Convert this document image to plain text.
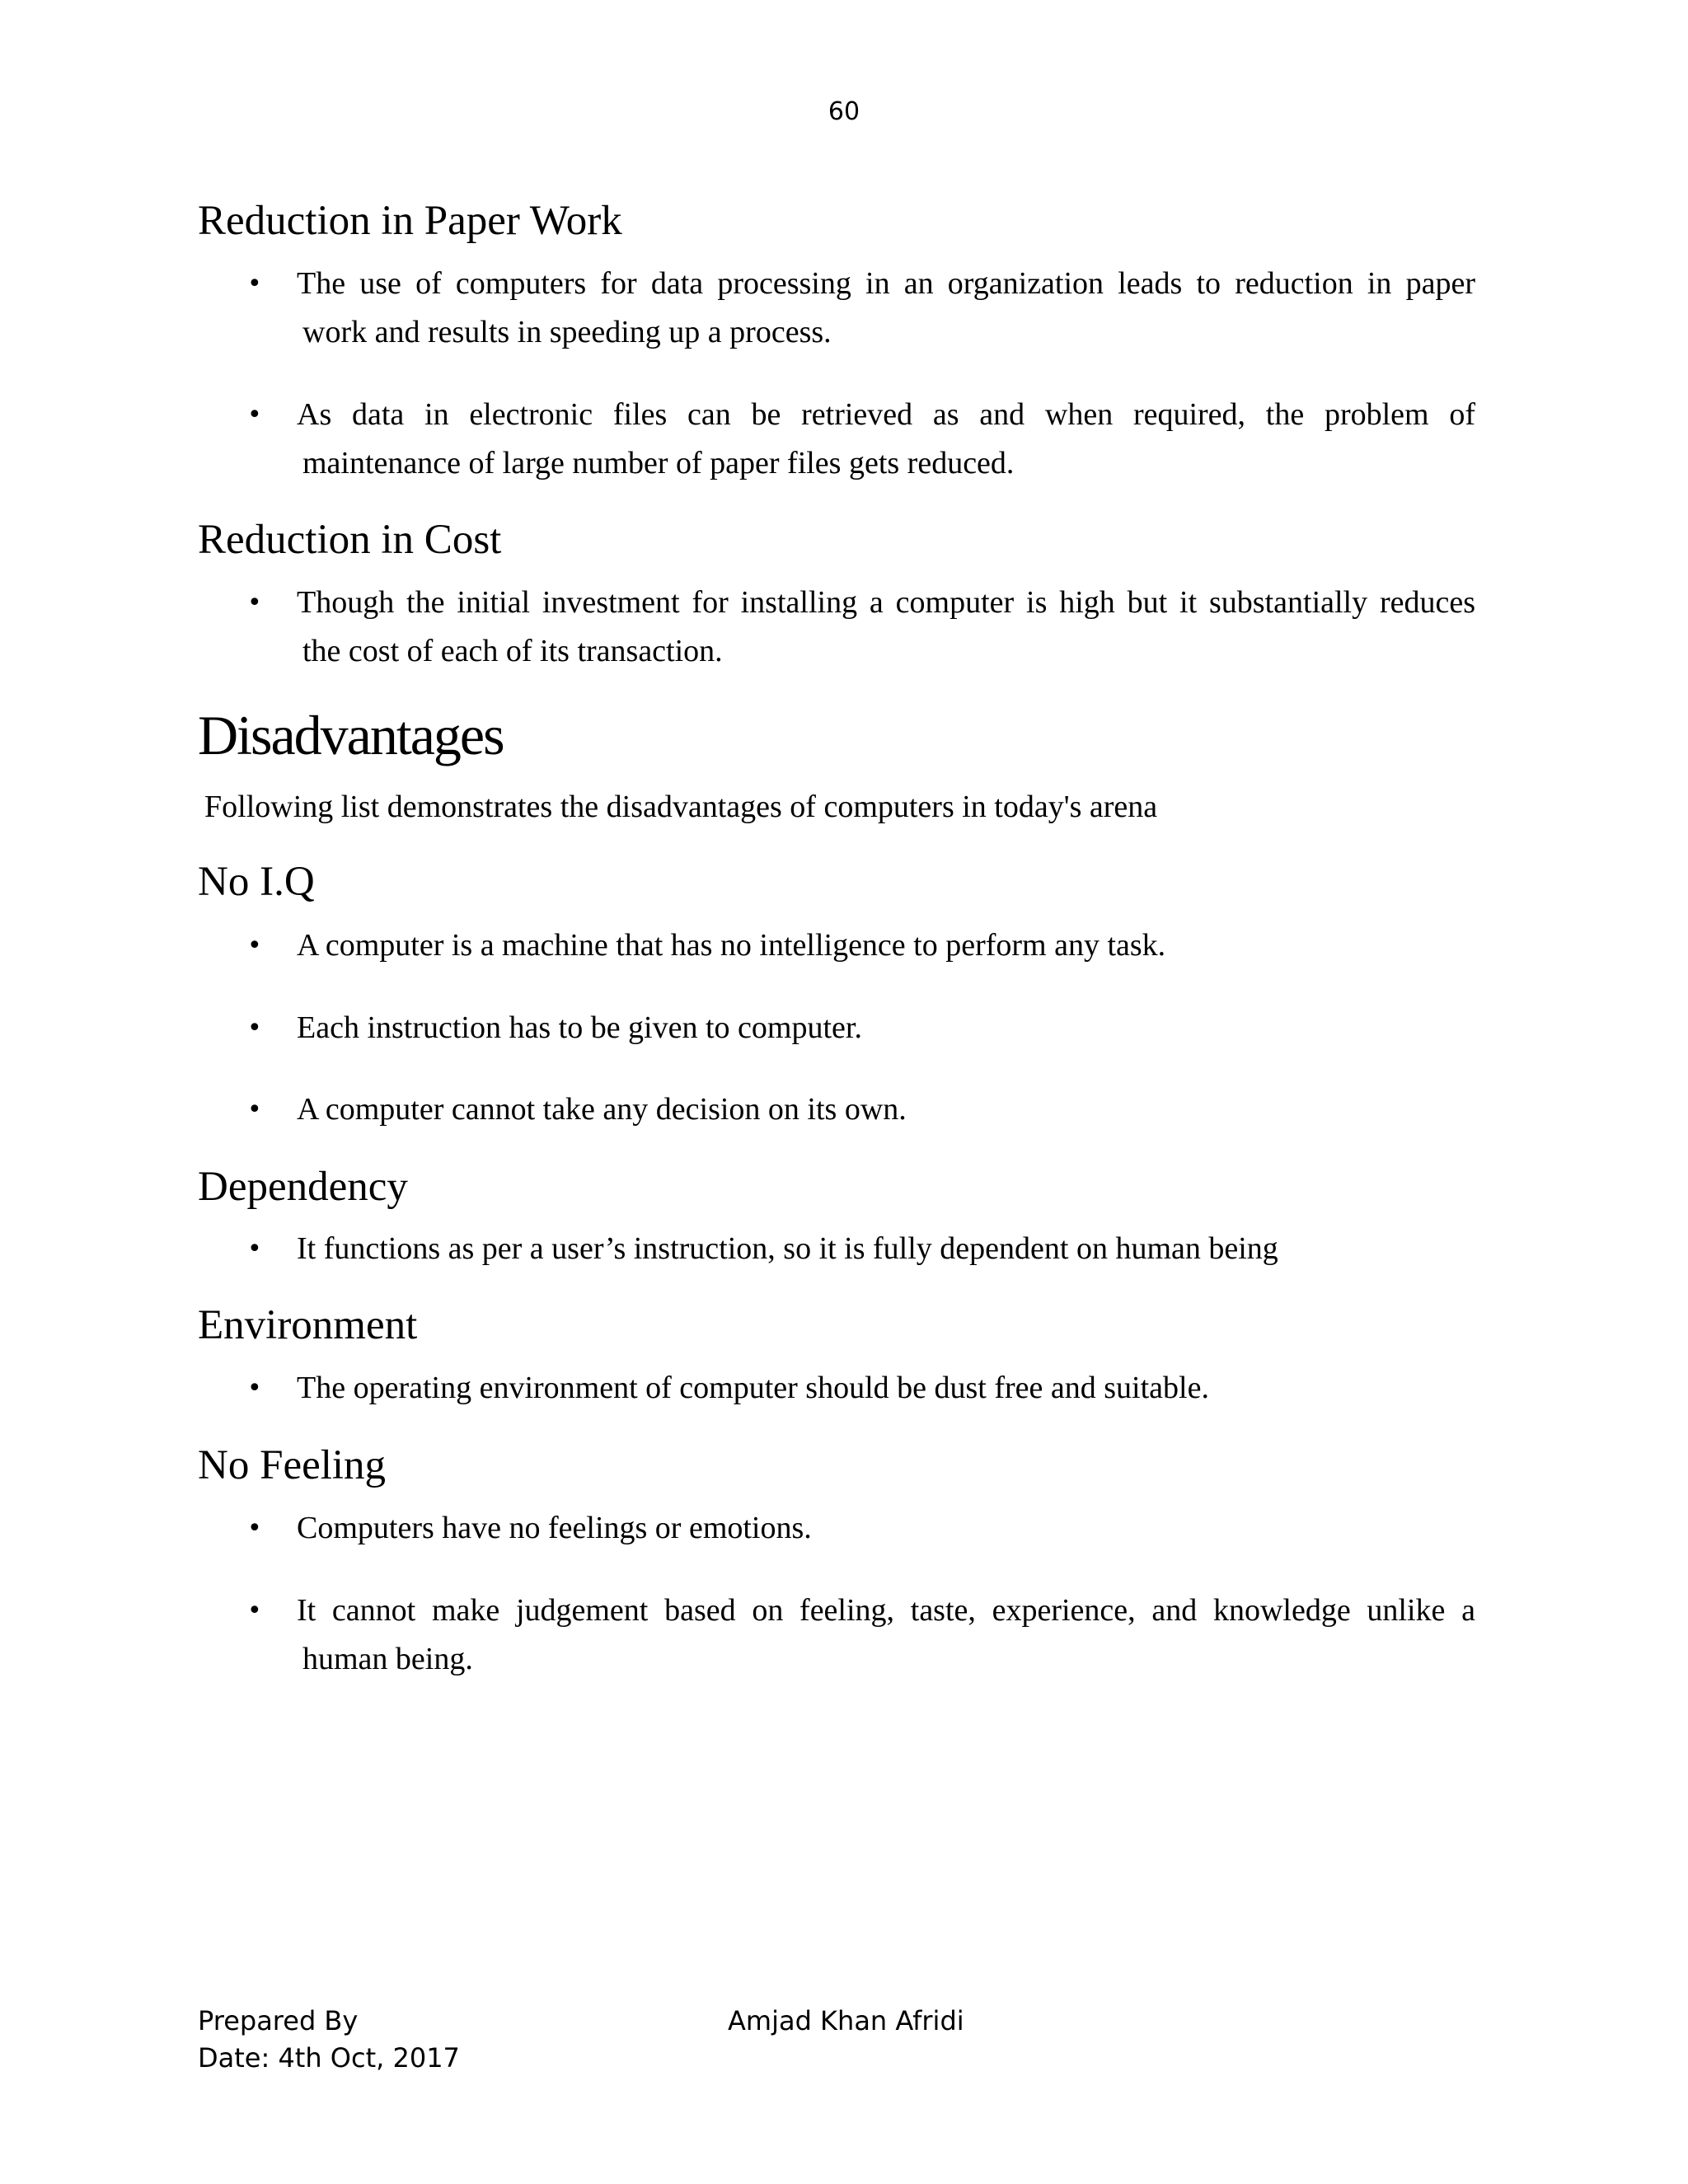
60
Reduction in Paper Work
• The use of computers for data processing in an organization leads to reduction in paper
work and results in speeding up a process.
• As data in electronic files can be retrieved as and when required, the problem of
maintenance of large number of paper files gets reduced.
Reduction in Cost
• Though the initial investment for installing a computer is high but it substantially reduces
the cost of each of its transaction.
Disadvantages

Following list demonstrates the disadvantages of computers in today's arena

No I.Q
• A computer is a machine that has no intelligence to perform any task.
• Each instruction has to be given to computer.
• A computer cannot take any decision on its own.
Dependency
• It functions as per a user’s instruction, so it is fully dependent on human being
Environment
• The operating environment of computer should be dust free and suitable.
No Feeling
• Computers have no feelings or emotions.
• It cannot make judgement based on feeling, taste, experience, and knowledge unlike a
human being.
Prepared By	Amjad Khan Afridi
Date: 4th Oct, 2017
